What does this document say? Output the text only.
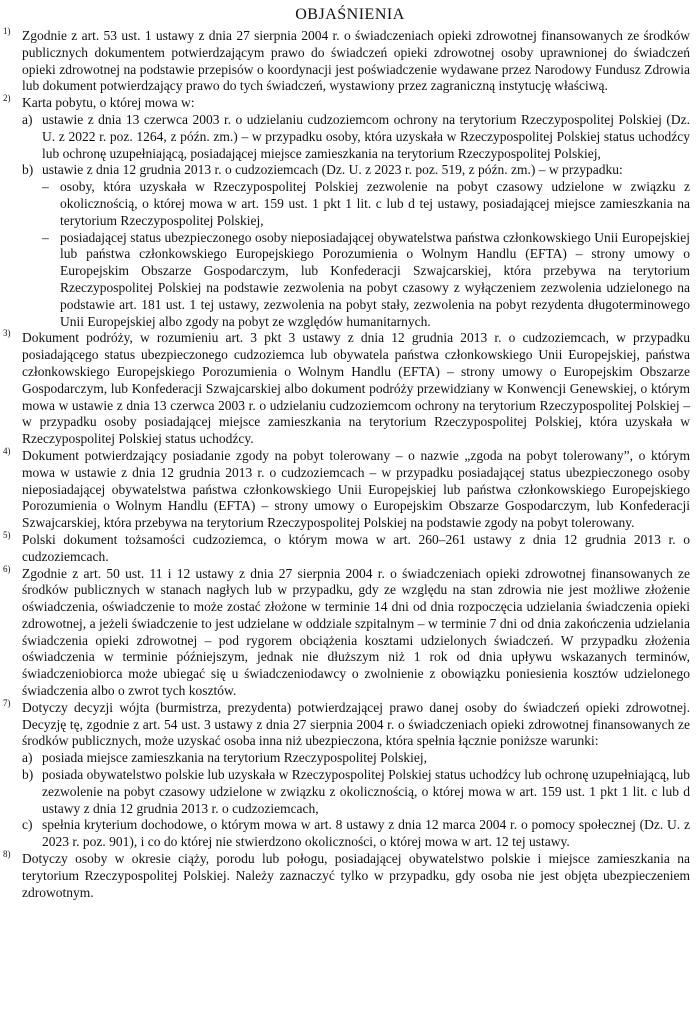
OBJAŚNIENIA
1) Zgodnie z art. 53 ust. 1 ustawy z dnia 27 sierpnia 2004 r. o świadczeniach opieki zdrowotnej finansowanych ze środków publicznych dokumentem potwierdzającym prawo do świadczeń opieki zdrowotnej osoby uprawnionej do świadczeń opieki zdrowotnej na podstawie przepisów o koordynacji jest poświadczenie wydawane przez Narodowy Fundusz Zdrowia lub dokument potwierdzający prawo do tych świadczeń, wystawiony przez zagraniczną instytucję właściwą.

2) Karta pobytu, o której mowa w:

a) ustawie z dnia 13 czerwca 2003 r. o udzielaniu cudzoziemcom ochrony na terytorium Rzeczypospolitej Polskiej (Dz. U. z 2022 r. poz. 1264, z późn. zm.) – w przypadku osoby, która uzyskała w Rzeczypospolitej Polskiej status uchodźcy lub ochronę uzupełniającą, posiadającej miejsce zamieszkania na terytorium Rzeczypospolitej Polskiej,

b) ustawie z dnia 12 grudnia 2013 r. o cudzoziemcach (Dz. U. z 2023 r. poz. 519, z późn. zm.) – w przypadku:

– osoby, która uzyskała w Rzeczypospolitej Polskiej zezwolenie na pobyt czasowy udzielone w związku z okolicznością, o której mowa w art. 159 ust. 1 pkt 1 lit. c lub d tej ustawy, posiadającej miejsce zamieszkania na terytorium Rzeczypospolitej Polskiej,

– posiadającej status ubezpieczonego osoby nieposiadającej obywatelstwa państwa członkowskiego Unii Europejskiej lub państwa członkowskiego Europejskiego Porozumienia o Wolnym Handlu (EFTA) – strony umowy o Europejskim Obszarze Gospodarczym, lub Konfederacji Szwajcarskiej, która przebywa na terytorium Rzeczypospolitej Polskiej na podstawie zezwolenia na pobyt czasowy z wyłączeniem zezwolenia udzielonego na podstawie art. 181 ust. 1 tej ustawy, zezwolenia na pobyt stały, zezwolenia na pobyt rezydenta długoterminowego Unii Europejskiej albo zgody na pobyt ze względów humanitarnych.

3) Dokument podróży, w rozumieniu art. 3 pkt 3 ustawy z dnia 12 grudnia 2013 r. o cudzoziemcach, w przypadku posiadającego status ubezpieczonego cudzoziemca lub obywatela państwa członkowskiego Unii Europejskiej, państwa członkowskiego Europejskiego Porozumienia o Wolnym Handlu (EFTA) – strony umowy o Europejskim Obszarze Gospodarczym, lub Konfederacji Szwajcarskiej albo dokument podróży przewidziany w Konwencji Genewskiej, o którym mowa w ustawie z dnia 13 czerwca 2003 r. o udzielaniu cudzoziemcom ochrony na terytorium Rzeczypospolitej Polskiej – w przypadku osoby posiadającej miejsce zamieszkania na terytorium Rzeczypospolitej Polskiej, która uzyskała w Rzeczypospolitej Polskiej status uchodźcy.

4) Dokument potwierdzający posiadanie zgody na pobyt tolerowany – o nazwie „zgoda na pobyt tolerowany”, o którym mowa w ustawie z dnia 12 grudnia 2013 r. o cudzoziemcach – w przypadku posiadającej status ubezpieczonego osoby nieposiadającej obywatelstwa państwa członkowskiego Unii Europejskiej lub państwa członkowskiego Europejskiego Porozumienia o Wolnym Handlu (EFTA) – strony umowy o Europejskim Obszarze Gospodarczym, lub Konfederacji Szwajcarskiej, która przebywa na terytorium Rzeczypospolitej Polskiej na podstawie zgody na pobyt tolerowany.

5) Polski dokument tożsamości cudzoziemca, o którym mowa w art. 260–261 ustawy z dnia 12 grudnia 2013 r. o cudzoziemcach.

6) Zgodnie z art. 50 ust. 11 i 12 ustawy z dnia 27 sierpnia 2004 r. o świadczeniach opieki zdrowotnej finansowanych ze środków publicznych w stanach nagłych lub w przypadku, gdy ze względu na stan zdrowia nie jest możliwe złożenie oświadczenia, oświadczenie to może zostać złożone w terminie 14 dni od dnia rozpoczęcia udzielania świadczenia opieki zdrowotnej, a jeżeli świadczenie to jest udzielane w oddziale szpitalnym – w terminie 7 dni od dnia zakończenia udzielania świadczenia opieki zdrowotnej – pod rygorem obciążenia kosztami udzielonych świadczeń. W przypadku złożenia oświadczenia w terminie późniejszym, jednak nie dłuższym niż 1 rok od dnia upływu wskazanych terminów, świadczeniobiorca może ubiegać się u świadczeniodawcy o zwolnienie z obowiązku poniesienia kosztów udzielonego świadczenia albo o zwrot tych kosztów.

7) Dotyczy decyzji wójta (burmistrza, prezydenta) potwierdzającej prawo danej osoby do świadczeń opieki zdrowotnej. Decyzję tę, zgodnie z art. 54 ust. 3 ustawy z dnia 27 sierpnia 2004 r. o świadczeniach opieki zdrowotnej finansowanych ze środków publicznych, może uzyskać osoba inna niż ubezpieczona, która spełnia łącznie poniższe warunki:

a) posiada miejsce zamieszkania na terytorium Rzeczypospolitej Polskiej,

b) posiada obywatelstwo polskie lub uzyskała w Rzeczypospolitej Polskiej status uchodźcy lub ochronę uzupełniającą, lub zezwolenie na pobyt czasowy udzielone w związku z okolicznością, o której mowa w art. 159 ust. 1 pkt 1 lit. c lub d ustawy z dnia 12 grudnia 2013 r. o cudzoziemcach,

c) spełnia kryterium dochodowe, o którym mowa w art. 8 ustawy z dnia 12 marca 2004 r. o pomocy społecznej (Dz. U. z 2023 r. poz. 901), i co do której nie stwierdzono okoliczności, o której mowa w art. 12 tej ustawy.

8) Dotyczy osoby w okresie ciąży, porodu lub połogu, posiadającej obywatelstwo polskie i miejsce zamieszkania na terytorium Rzeczypospolitej Polskiej. Należy zaznaczyć tylko w przypadku, gdy osoba nie jest objęta ubezpieczeniem zdrowotnym.
